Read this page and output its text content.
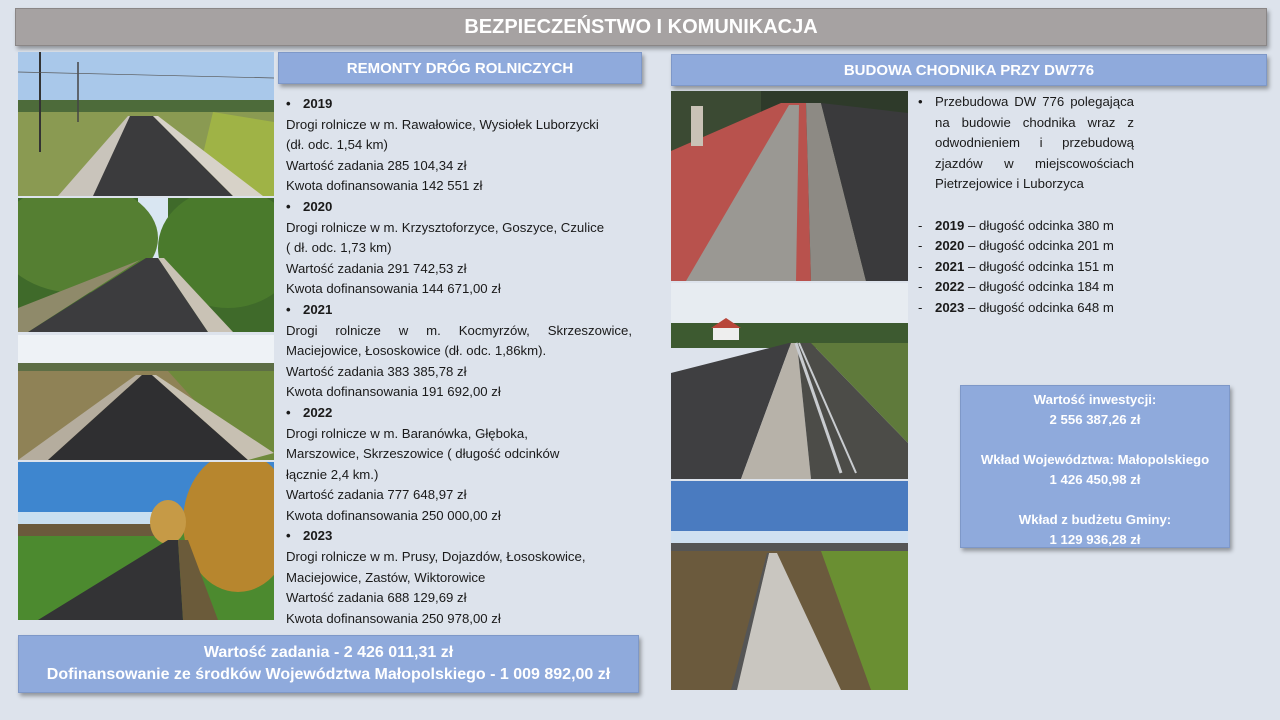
BEZPIECZEŃSTWO I KOMUNIKACJA
REMONTY DRÓG ROLNICZYCH
• 2019
Drogi rolnicze w m. Rawałowice, Wysiołek Luborzycki
(dł. odc. 1,54 km)
Wartość zadania 285 104,34 zł
Kwota dofinansowania 142 551 zł
• 2020
Drogi rolnicze w m. Krzysztoforzyce, Goszyce, Czulice
( dł. odc. 1,73 km)
Wartość zadania 291 742,53 zł
Kwota dofinansowania 144 671,00 zł
• 2021
Drogi rolnicze w m. Kocmyrzów, Skrzeszowice,
Maciejowice, Łososkowice (dł. odc. 1,86km).
Wartość zadania 383 385,78 zł
Kwota dofinansowania 191 692,00 zł
• 2022
Drogi rolnicze w m. Baranówka, Głęboka,
Marszowice, Skrzeszowice ( długość odcinków
łącznie 2,4 km.)
Wartość zadania 777 648,97 zł
Kwota dofinansowania 250 000,00 zł
• 2023
Drogi rolnicze w m. Prusy, Dojazdów, Łososkowice,
Maciejowice, Zastów, Wiktorowice
Wartość zadania 688 129,69 zł
Kwota dofinansowania 250 978,00 zł
Wartość zadania - 2 426 011,31 zł
Dofinansowanie ze środków Województwa Małopolskiego - 1 009 892,00 zł
BUDOWA CHODNIKA PRZY DW776
• Przebudowa DW 776 polegająca na budowie chodnika wraz z odwodnieniem i przebudową zjazdów w miejscowościach Pietrzejowice i Luborzyca
- 2019 – długość odcinka 380 m
- 2020 – długość odcinka 201 m
- 2021 – długość odcinka 151 m
- 2022 – długość odcinka 184 m
- 2023 – długość odcinka 648 m
Wartość inwestycji:
2 556 387,26 zł
Wkład Województwa: Małopolskiego
1 426 450,98 zł
Wkład z budżetu Gminy:
1 129 936,28 zł
